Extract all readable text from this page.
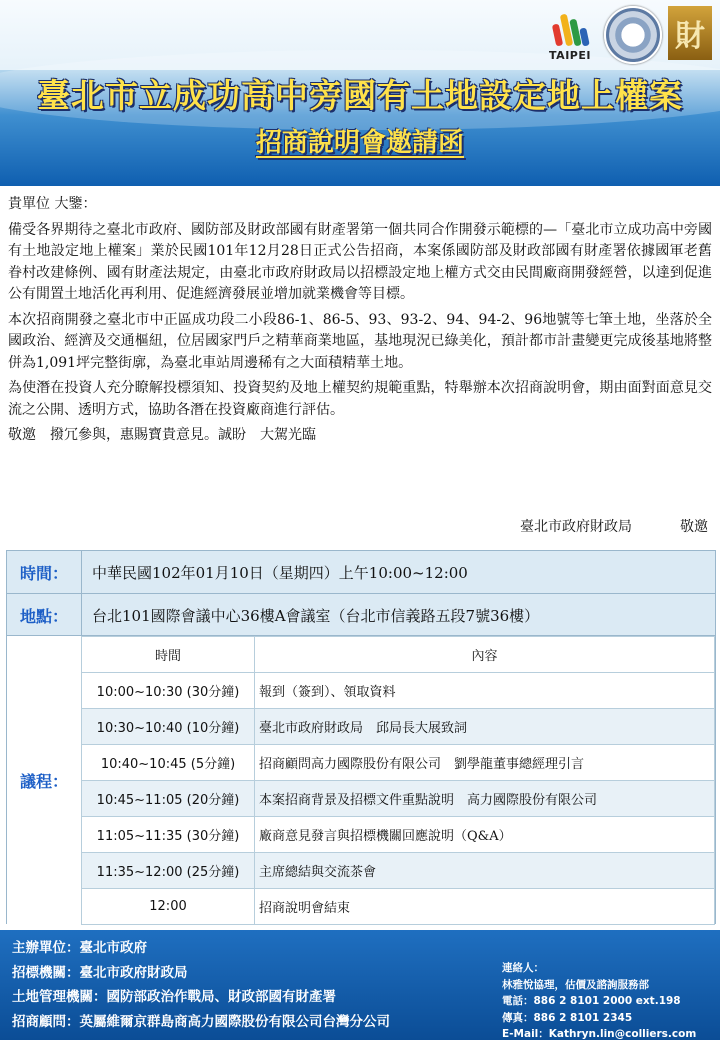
TAIPEI
財
臺北市立成功高中旁國有土地設定地上權案
招商說明會邀請函

貴單位 大鑒：

備受各界期待之臺北市政府、國防部及財政部國有財產署第一個共同合作開發示範標的—「臺北市立成功高中旁國有土地設定地上權案」業於民國101年12月28日正式公告招商，本案係國防部及財政部國有財產署依據國軍老舊眷村改建條例、國有財產法規定，由臺北市政府財政局以招標設定地上權方式交由民間廠商開發經營，以達到促進公有閒置土地活化再利用、促進經濟發展並增加就業機會等目標。

本次招商開發之臺北市中正區成功段二小段86-1、86-5、93、93-2、94、94-2、96地號等七筆土地，坐落於全國政治、經濟及交通樞紐，位居國家門戶之精華商業地區，基地現況已綠美化，預計都市計畫變更完成後基地將整併為1,091坪完整街廓，為臺北車站周邊稀有之大面積精華土地。

為使潛在投資人充分瞭解投標須知、投資契約及地上權契約規範重點，特舉辦本次招商說明會，期由面對面意見交流之公開、透明方式，協助各潛在投資廠商進行評估。

敬邀　撥冗參與，惠賜寶貴意見。誠盼　大駕光臨

臺北市政府財政局	敬邀
時間：	中華民國102年01月10日（星期四）上午10:00~12:00
地點：	台北101國際會議中心36樓A會議室（台北市信義路五段7號36樓）
議程：
時間	內容
10:00~10:30 (30分鐘)	報到（簽到）、領取資料
10:30~10:40 (10分鐘)	臺北市政府財政局　邱局長大展致詞
10:40~10:45 (5分鐘)	招商顧問高力國際股份有限公司　劉學龍董事總經理引言
10:45~11:05 (20分鐘)	本案招商背景及招標文件重點說明　高力國際股份有限公司
11:05~11:35 (30分鐘)	廠商意見發言與招標機關回應說明（Q&A）
11:35~12:00 (25分鐘)	主席總結與交流茶會
12:00	招商說明會結束
主辦單位：臺北市政府
招標機關：臺北市政府財政局
土地管理機關：國防部政治作戰局、財政部國有財產署
招商顧問：英屬維爾京群島商高力國際股份有限公司台灣分公司
連絡人：
林雅悅協理，估價及諮詢服務部
電話：886 2 8101 2000 ext.198
傳真：886 2 8101 2345
E-Mail：Kathryn.lin@colliers.com
